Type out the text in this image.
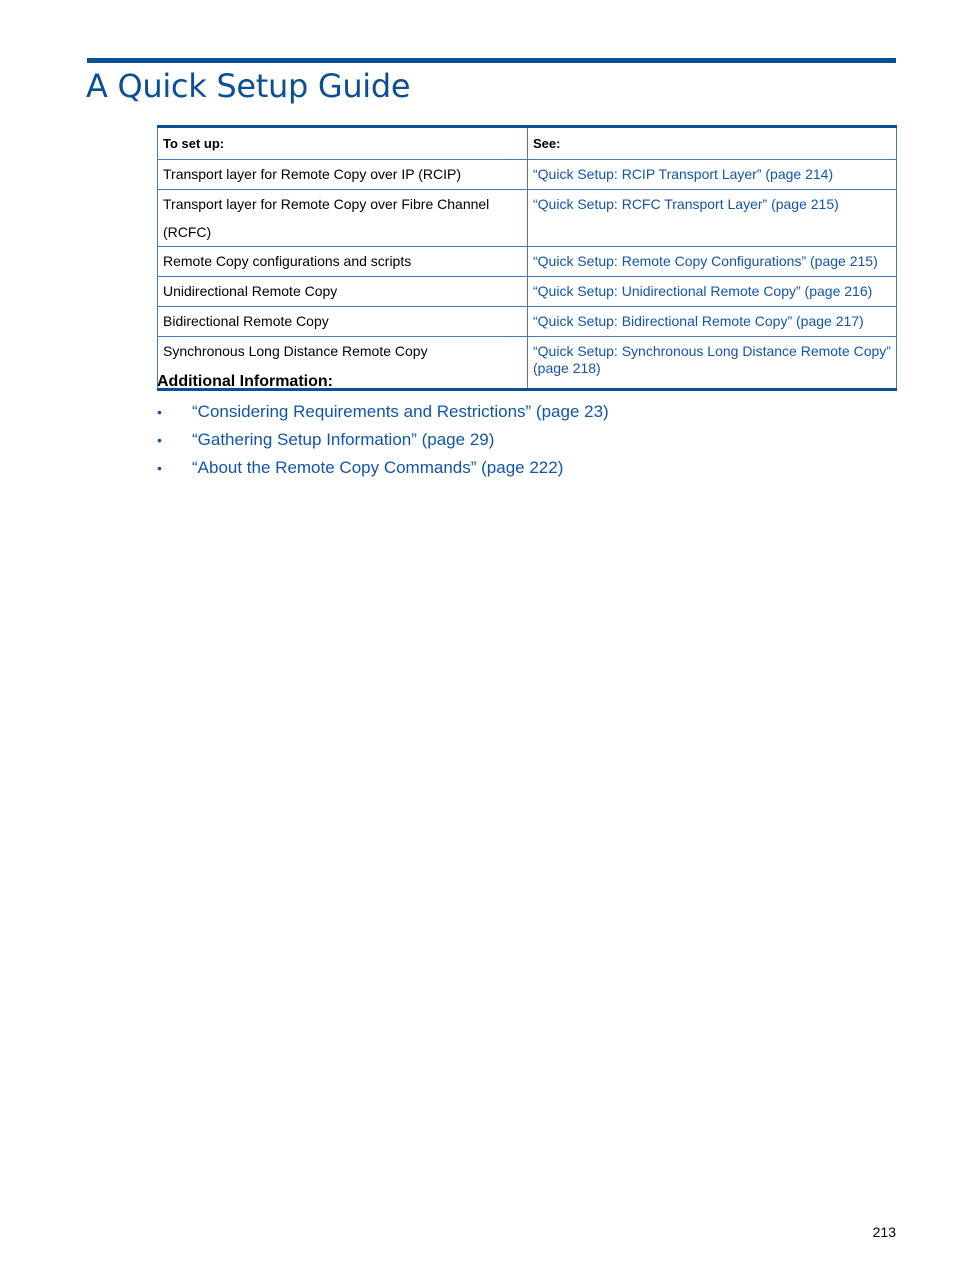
A Quick Setup Guide
To set up:	See:
Transport layer for Remote Copy over IP (RCIP)	“Quick Setup: RCIP Transport Layer” (page 214)
Transport layer for Remote Copy over Fibre Channel (RCFC)	“Quick Setup: RCFC Transport Layer” (page 215)
Remote Copy configurations and scripts	“Quick Setup: Remote Copy Configurations” (page 215)
Unidirectional Remote Copy	“Quick Setup: Unidirectional Remote Copy” (page 216)
Bidirectional Remote Copy	“Quick Setup: Bidirectional Remote Copy” (page 217)
Synchronous Long Distance Remote Copy	“Quick Setup: Synchronous Long Distance Remote Copy” (page 218)
Additional Information:
• “Considering Requirements and Restrictions” (page 23)
• “Gathering Setup Information” (page 29)
• “About the Remote Copy Commands” (page 222)
213
